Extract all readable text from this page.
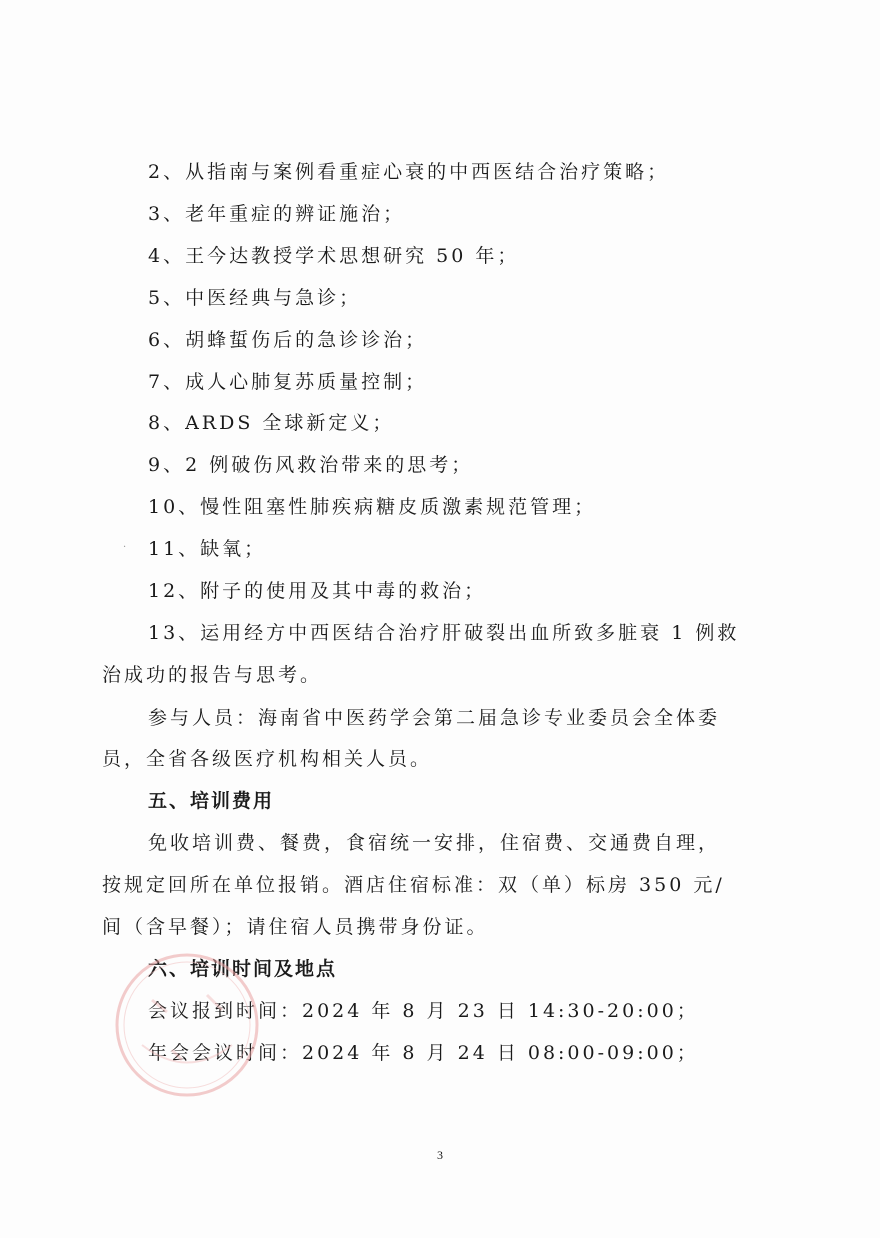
2、从指南与案例看重症心衰的中西医结合治疗策略；
3、老年重症的辨证施治；
4、王今达教授学术思想研究 50 年；
5、中医经典与急诊；
6、胡蜂蜇伤后的急诊诊治；
7、成人心肺复苏质量控制；
8、ARDS 全球新定义；
9、2 例破伤风救治带来的思考；
10、慢性阻塞性肺疾病糖皮质激素规范管理；
11、缺氧；
12、附子的使用及其中毒的救治；
13、运用经方中西医结合治疗肝破裂出血所致多脏衰 1 例救
治成功的报告与思考。
参与人员：海南省中医药学会第二届急诊专业委员会全体委
员，全省各级医疗机构相关人员。
五、培训费用
免收培训费、餐费，食宿统一安排，住宿费、交通费自理，
按规定回所在单位报销。酒店住宿标准：双（单）标房 350 元/
间（含早餐）；请住宿人员携带身份证。
六、培训时间及地点
会议报到时间：2024 年 8 月 23 日 14:30-20:00；
年会会议时间：2024 年 8 月 24 日 08:00-09:00；
·
3
